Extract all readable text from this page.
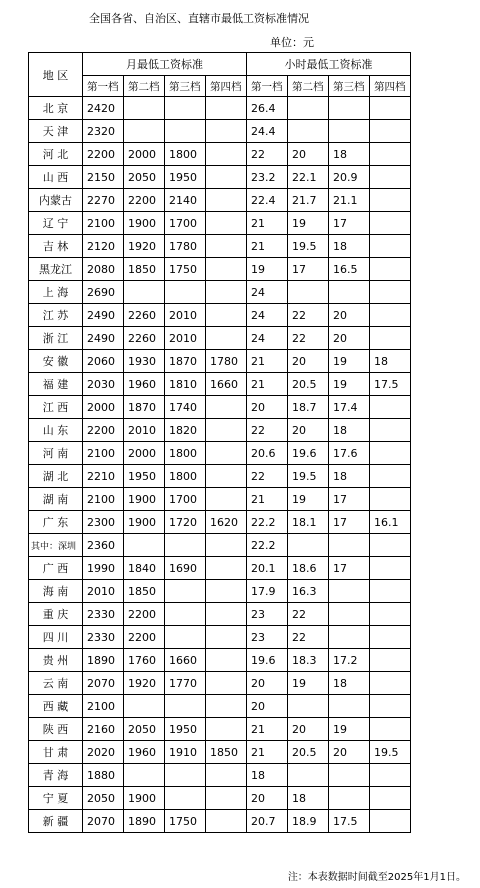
全国各省、自治区、直辖市最低工资标准情况
单位：元
地 区	月最低工资标准				小时最低工资标准			
	第一档	第二档	第三档	第四档	第一档	第二档	第三档	第四档
北 京	2420				26.4			
天 津	2320				24.4			
河 北	2200	2000	1800		22	20	18	
山 西	2150	2050	1950		23.2	22.1	20.9	
内蒙古	2270	2200	2140		22.4	21.7	21.1	
辽 宁	2100	1900	1700		21	19	17	
吉 林	2120	1920	1780		21	19.5	18	
黑龙江	2080	1850	1750		19	17	16.5	
上 海	2690				24			
江 苏	2490	2260	2010		24	22	20	
浙 江	2490	2260	2010		24	22	20	
安 徽	2060	1930	1870	1780	21	20	19	18
福 建	2030	1960	1810	1660	21	20.5	19	17.5
江 西	2000	1870	1740		20	18.7	17.4	
山 东	2200	2010	1820		22	20	18	
河 南	2100	2000	1800		20.6	19.6	17.6	
湖 北	2210	1950	1800		22	19.5	18	
湖 南	2100	1900	1700		21	19	17	
广 东	2300	1900	1720	1620	22.2	18.1	17	16.1
其中：深圳	2360				22.2			
广 西	1990	1840	1690		20.1	18.6	17	
海 南	2010	1850			17.9	16.3		
重 庆	2330	2200			23	22		
四 川	2330	2200			23	22		
贵 州	1890	1760	1660		19.6	18.3	17.2	
云 南	2070	1920	1770		20	19	18	
西 藏	2100				20			
陕 西	2160	2050	1950		21	20	19	
甘 肃	2020	1960	1910	1850	21	20.5	20	19.5
青 海	1880				18			
宁 夏	2050	1900			20	18		
新 疆	2070	1890	1750		20.7	18.9	17.5	
注：本表数据时间截至2025年1月1日。
